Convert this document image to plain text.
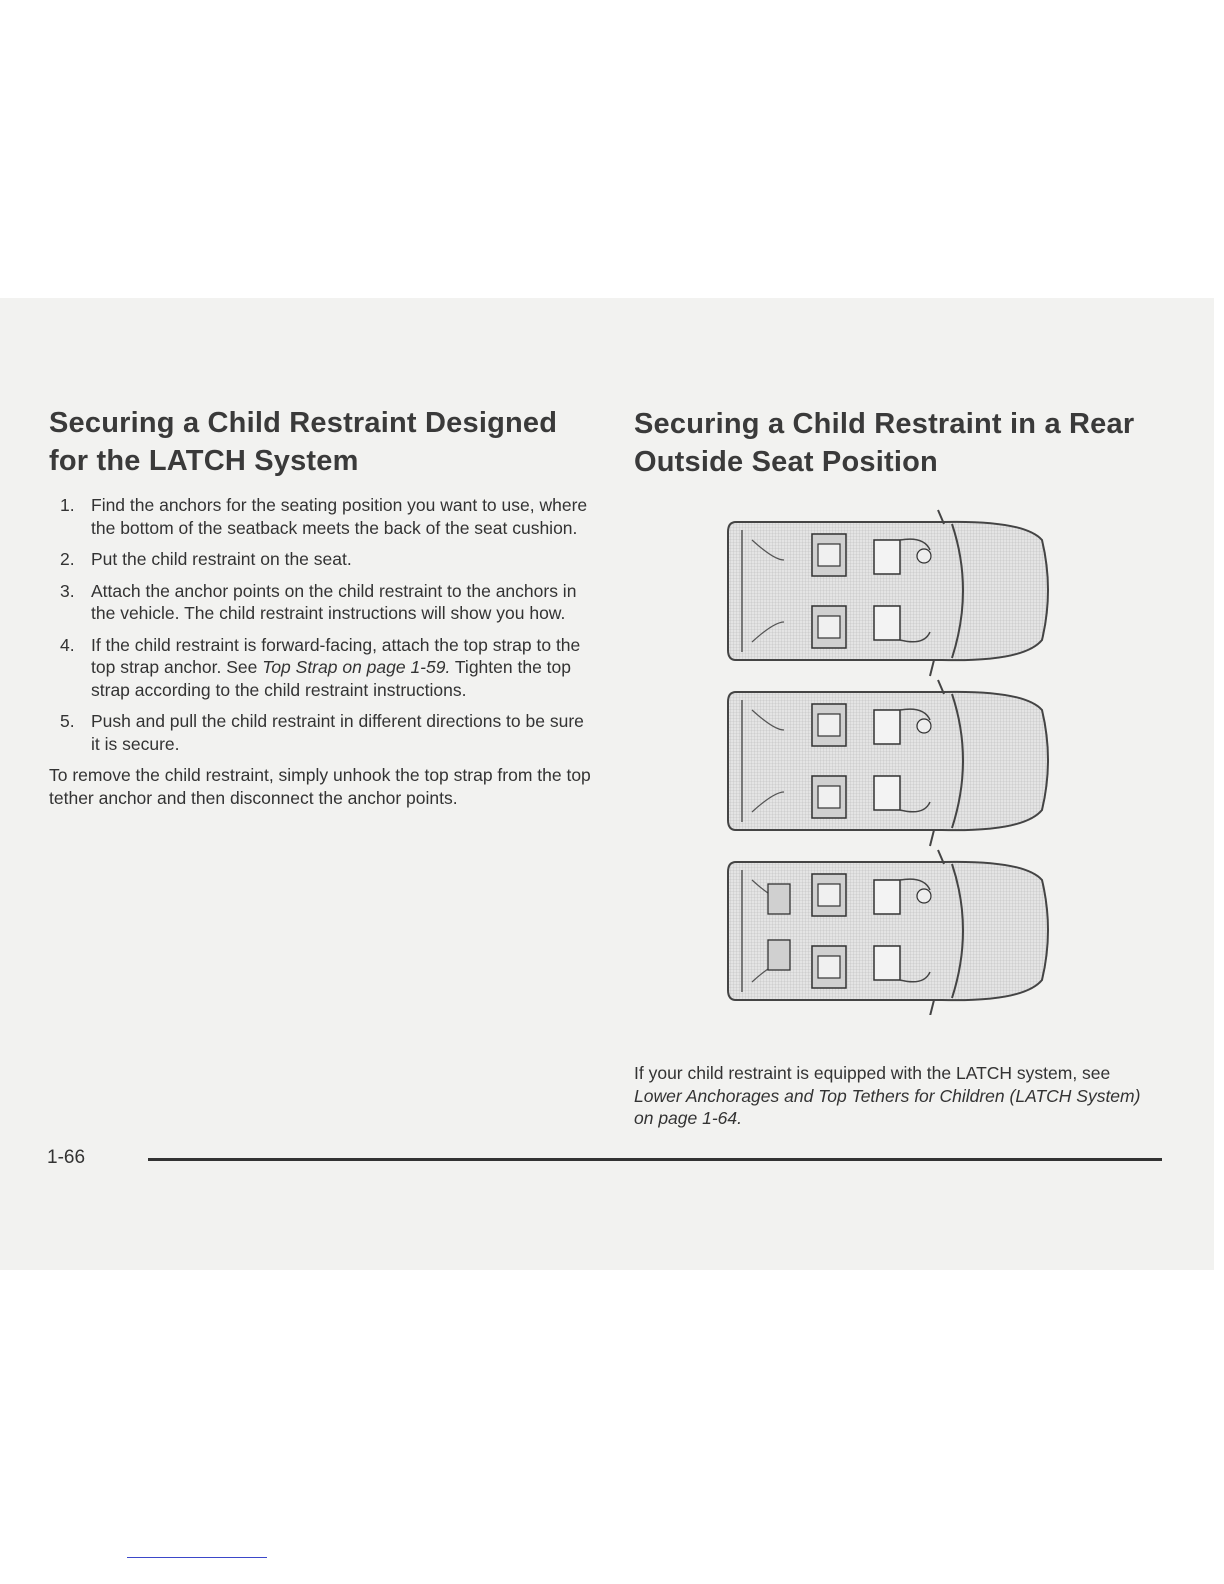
Securing a Child Restraint Designed
for the LATCH System
1. Find the anchors for the seating position you want to use, where the bottom of the seatback meets the back of the seat cushion.
2. Put the child restraint on the seat.
3. Attach the anchor points on the child restraint to the anchors in the vehicle. The child restraint instructions will show you how.
4. If the child restraint is forward-facing, attach the top strap to the top strap anchor. See Top Strap on page 1-59. Tighten the top strap according to the child restraint instructions.
5. Push and pull the child restraint in different directions to be sure it is secure.

To remove the child restraint, simply unhook the top strap from the top tether anchor and then disconnect the anchor points.

Securing a Child Restraint in a Rear
Outside Seat Position

If your child restraint is equipped with the LATCH system, see Lower Anchorages and Top Tethers for Children (LATCH System) on page 1-64.

1-66
